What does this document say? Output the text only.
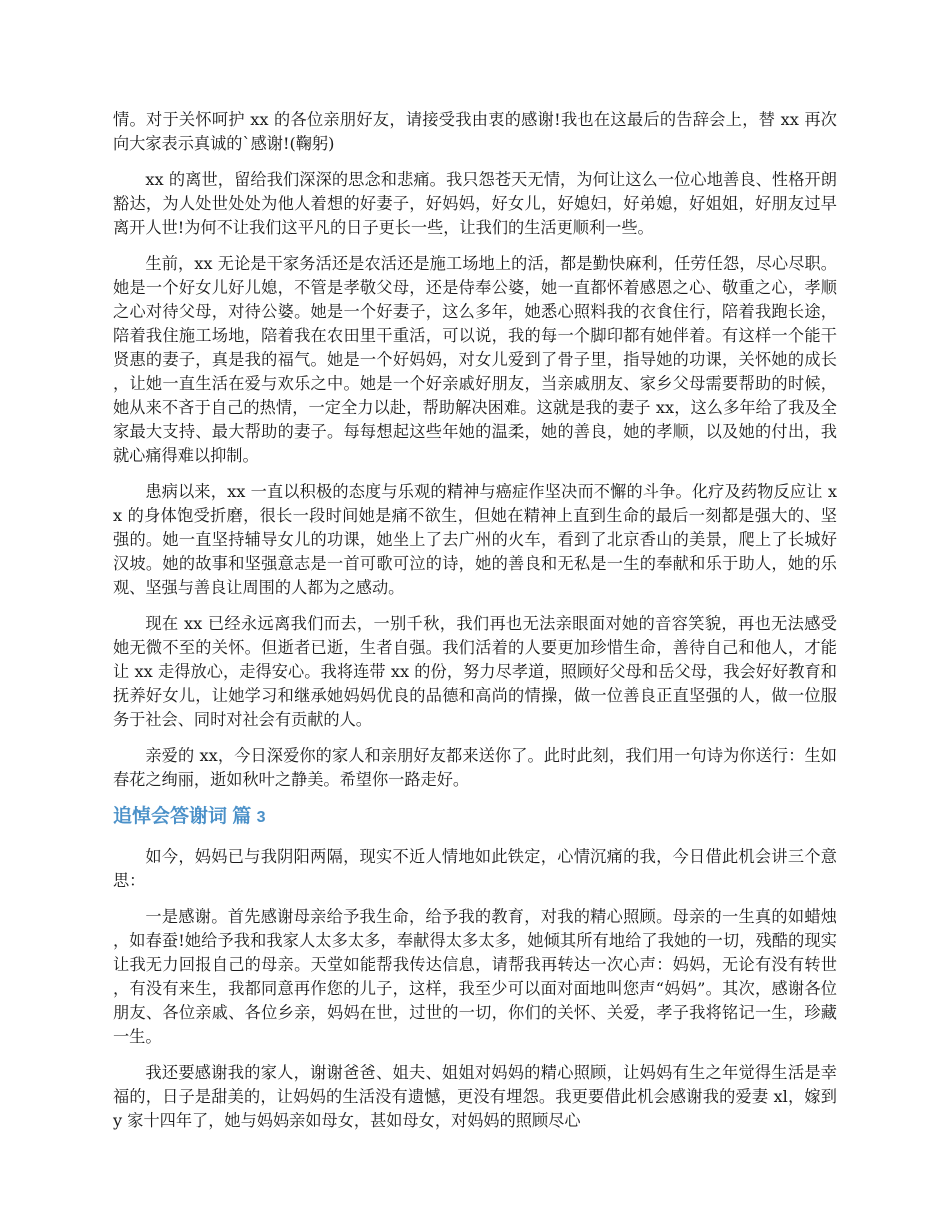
情。对于关怀呵护 xx 的各位亲朋好友，请接受我由衷的感谢!我也在这最后的告辞会上，替 xx 再次向大家表示真诚的`感谢!(鞠躬)

xx 的离世，留给我们深深的思念和悲痛。我只怨苍天无情，为何让这么一位心地善良、性格开朗豁达，为人处世处处为他人着想的好妻子，好妈妈，好女儿，好媳妇，好弟媳，好姐姐，好朋友过早离开人世!为何不让我们这平凡的日子更长一些，让我们的生活更顺利一些。

生前，xx 无论是干家务活还是农活还是施工场地上的活，都是勤快麻利，任劳任怨，尽心尽职。她是一个好女儿好儿媳，不管是孝敬父母，还是侍奉公婆，她一直都怀着感恩之心、敬重之心，孝顺之心对待父母，对待公婆。她是一个好妻子，这么多年，她悉心照料我的衣食住行，陪着我跑长途，陪着我住施工场地，陪着我在农田里干重活，可以说，我的每一个脚印都有她伴着。有这样一个能干贤惠的妻子，真是我的福气。她是一个好妈妈，对女儿爱到了骨子里，指导她的功课，关怀她的成长，让她一直生活在爱与欢乐之中。她是一个好亲戚好朋友，当亲戚朋友、家乡父母需要帮助的时候，她从来不吝于自己的热情，一定全力以赴，帮助解决困难。这就是我的妻子 xx，这么多年给了我及全家最大支持、最大帮助的妻子。每每想起这些年她的温柔，她的善良，她的孝顺，以及她的付出，我就心痛得难以抑制。

患病以来，xx 一直以积极的态度与乐观的精神与癌症作坚决而不懈的斗争。化疗及药物反应让 xx 的身体饱受折磨，很长一段时间她是痛不欲生，但她在精神上直到生命的最后一刻都是强大的、坚强的。她一直坚持辅导女儿的功课，她坐上了去广州的火车，看到了北京香山的美景，爬上了长城好汉坡。她的故事和坚强意志是一首可歌可泣的诗，她的善良和无私是一生的奉献和乐于助人，她的乐观、坚强与善良让周围的人都为之感动。

现在 xx 已经永远离我们而去，一别千秋，我们再也无法亲眼面对她的音容笑貌，再也无法感受她无微不至的关怀。但逝者已逝，生者自强。我们活着的人要更加珍惜生命，善待自己和他人，才能让 xx 走得放心，走得安心。我将连带 xx 的份，努力尽孝道，照顾好父母和岳父母，我会好好教育和抚养好女儿，让她学习和继承她妈妈优良的品德和高尚的情操，做一位善良正直坚强的人，做一位服务于社会、同时对社会有贡献的人。

亲爱的 xx，今日深爱你的家人和亲朋好友都来送你了。此时此刻，我们用一句诗为你送行：生如春花之绚丽，逝如秋叶之静美。希望你一路走好。

追悼会答谢词 篇 3

如今，妈妈已与我阴阳两隔，现实不近人情地如此铁定，心情沉痛的我，今日借此机会讲三个意思：

一是感谢。首先感谢母亲给予我生命，给予我的教育，对我的精心照顾。母亲的一生真的如蜡烛，如春蚕!她给予我和我家人太多太多，奉献得太多太多，她倾其所有地给了我她的一切，残酷的现实让我无力回报自己的母亲。天堂如能帮我传达信息，请帮我再转达一次心声：妈妈，无论有没有转世，有没有来生，我都同意再作您的儿子，这样，我至少可以面对面地叫您声“妈妈”。其次，感谢各位朋友、各位亲戚、各位乡亲，妈妈在世，过世的一切，你们的关怀、关爱，孝子我将铭记一生，珍藏一生。

我还要感谢我的家人，谢谢爸爸、姐夫、姐姐对妈妈的精心照顾，让妈妈有生之年觉得生活是幸福的，日子是甜美的，让妈妈的生活没有遗憾，更没有埋怨。我更要借此机会感谢我的爱妻 xl，嫁到 y 家十四年了，她与妈妈亲如母女，甚如母女，对妈妈的照顾尽心
